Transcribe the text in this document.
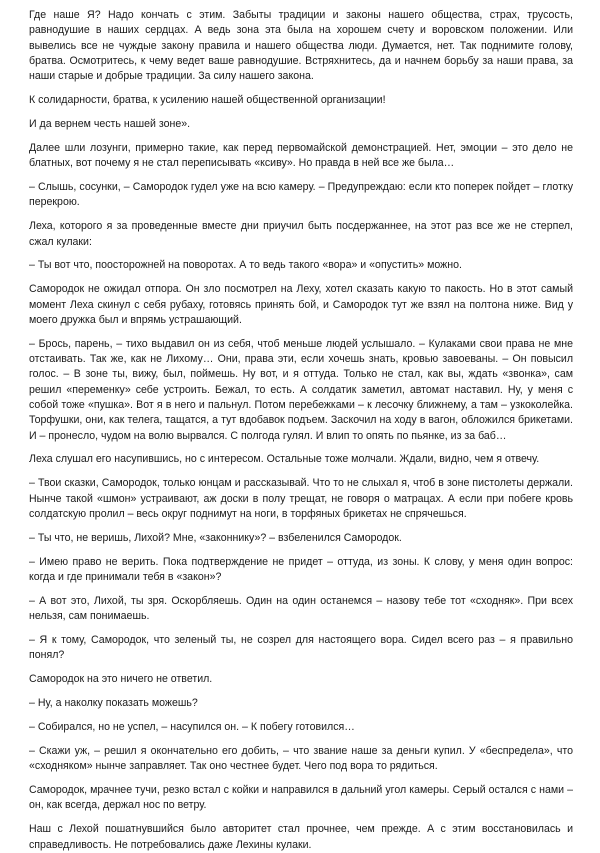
Где наше Я? Надо кончать с этим. Забыты традиции и законы нашего общества, страх, трусость, равнодушие в наших сердцах. А ведь зона эта была на хорошем счету и воровском положении. Или вывелись все не чуждые закону правила и нашего общества люди. Думается, нет. Так поднимите голову, братва. Осмотритесь, к чему ведет ваше равнодушие. Встряхнитесь, да и начнем борьбу за наши права, за наши старые и добрые традиции. За силу нашего закона.

К солидарности, братва, к усилению нашей общественной организации!

И да вернем честь нашей зоне».

Далее шли лозунги, примерно такие, как перед первомайской демонстрацией. Нет, эмоции – это дело не блатных, вот почему я не стал переписывать «ксиву». Но правда в ней все же была…

– Слышь, сосунки, – Самородок гудел уже на всю камеру. – Предупреждаю: если кто поперек пойдет – глотку перекрою.

Леха, которого я за проведенные вместе дни приучил быть посдержаннее, на этот раз все же не стерпел, сжал кулаки:

– Ты вот что, поосторожней на поворотах. А то ведь такого «вора» и «опустить» можно.

Самородок не ожидал отпора. Он зло посмотрел на Леху, хотел сказать какую то пакость. Но в этот самый момент Леха скинул с себя рубаху, готовясь принять бой, и Самородок тут же взял на полтона ниже. Вид у моего дружка был и впрямь устрашающий.

– Брось, парень, – тихо выдавил он из себя, чтоб меньше людей услышало. – Кулаками свои права не мне отстаивать. Так же, как не Лихому… Они, права эти, если хочешь знать, кровью завоеваны. – Он повысил голос. – В зоне ты, вижу, был, поймешь. Ну вот, и я оттуда. Только не стал, как вы, ждать «звонка», сам решил «переменку» себе устроить. Бежал, то есть. А солдатик заметил, автомат наставил. Ну, у меня с собой тоже «пушка». Вот я в него и пальнул. Потом перебежками – к лесочку ближнему, а там – узкоколейка. Торфушки, они, как телега, тащатся, а тут вдобавок подъем. Заскочил на ходу в вагон, обложился брикетами. И – пронесло, чудом на волю вырвался. С полгода гулял. И влип то опять по пьянке, из за баб…

Леха слушал его насупившись, но с интересом. Остальные тоже молчали. Ждали, видно, чем я отвечу.

– Твои сказки, Самородок, только юнцам и рассказывай. Что то не слыхал я, чтоб в зоне пистолеты держали. Нынче такой «шмон» устраивают, аж доски в полу трещат, не говоря о матрацах. А если при побеге кровь солдатскую пролил – весь округ поднимут на ноги, в торфяных брикетах не спрячешься.

– Ты что, не веришь, Лихой? Мне, «законнику»? – взбеленился Самородок.

– Имею право не верить. Пока подтверждение не придет – оттуда, из зоны. К слову, у меня один вопрос: когда и где принимали тебя в «закон»?

– А вот это, Лихой, ты зря. Оскорбляешь. Один на один останемся – назову тебе тот «сходняк». При всех нельзя, сам понимаешь.

– Я к тому, Самородок, что зеленый ты, не созрел для настоящего вора. Сидел всего раз – я правильно понял?

Самородок на это ничего не ответил.

– Ну, а наколку показать можешь?

– Собирался, но не успел, – насупился он. – К побегу готовился…

– Скажи уж, – решил я окончательно его добить, – что звание наше за деньги купил. У «беспредела», что «сходняком» нынче заправляет. Так оно честнее будет. Чего под вора то рядиться.

Самородок, мрачнее тучи, резко встал с койки и направился в дальний угол камеры. Серый остался с нами – он, как всегда, держал нос по ветру.

Наш с Лехой пошатнувшийся было авторитет стал прочнее, чем прежде. А с этим восстановилась и справедливость. Не потребовались даже Лехины кулаки.
